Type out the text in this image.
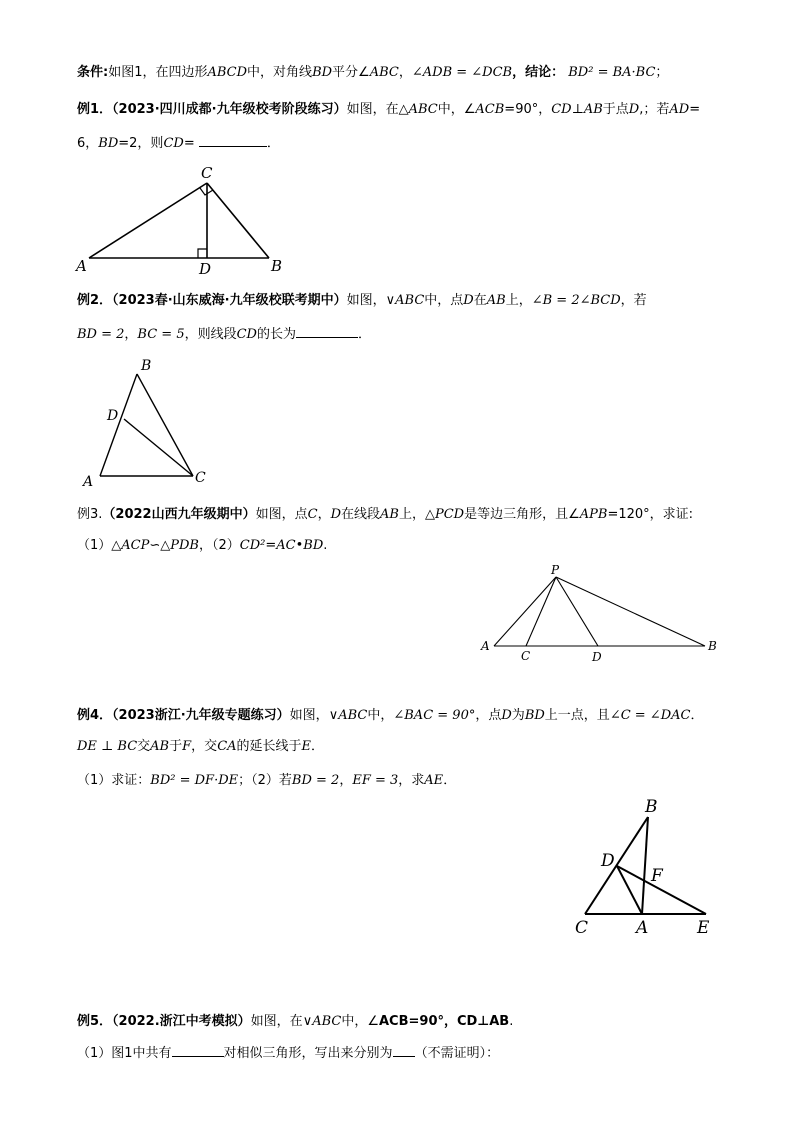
条件:如图1，在四边形ABCD中，对角线BD平分∠ABC，∠ADB = ∠DCB，结论： BD² = BA·BC；
例1．（2023·四川成都·九年级校考阶段练习）如图，在△ABC中，∠ACB=90°，CD⊥AB于点D,；若AD=
6，BD=2，则CD=	．
C
A	D	B
例2．（2023春·山东威海·九年级校联考期中）如图，∨ABC中，点D在AB上，∠B = 2∠BCD，若
BD = 2，BC = 5，则线段CD的长为	．
B
D
A	C
例3.（2022山西九年级期中）如图，点C，D在线段AB上，△PCD是等边三角形，且∠APB=120°，求证:
（1）△ACP∽△PDB，（2）CD²=AC•BD.
P
A
C	D
B
例4．（2023浙江·九年级专题练习）如图，∨ABC中，∠BAC = 90°，点D为BD上一点，且∠C = ∠DAC．
DE ⊥ BC交AB于F，交CA的延长线于E．
（1）求证：BD² = DF·DE；（2）若BD = 2，EF = 3，求AE．
B
D
F
C	A	E
例5．（2022.浙江中考模拟）如图，在∨ABC中，∠ACB=90°，CD⊥AB.
（1）图1中共有	对相似三角形，写出来分别为 （不需证明）：
